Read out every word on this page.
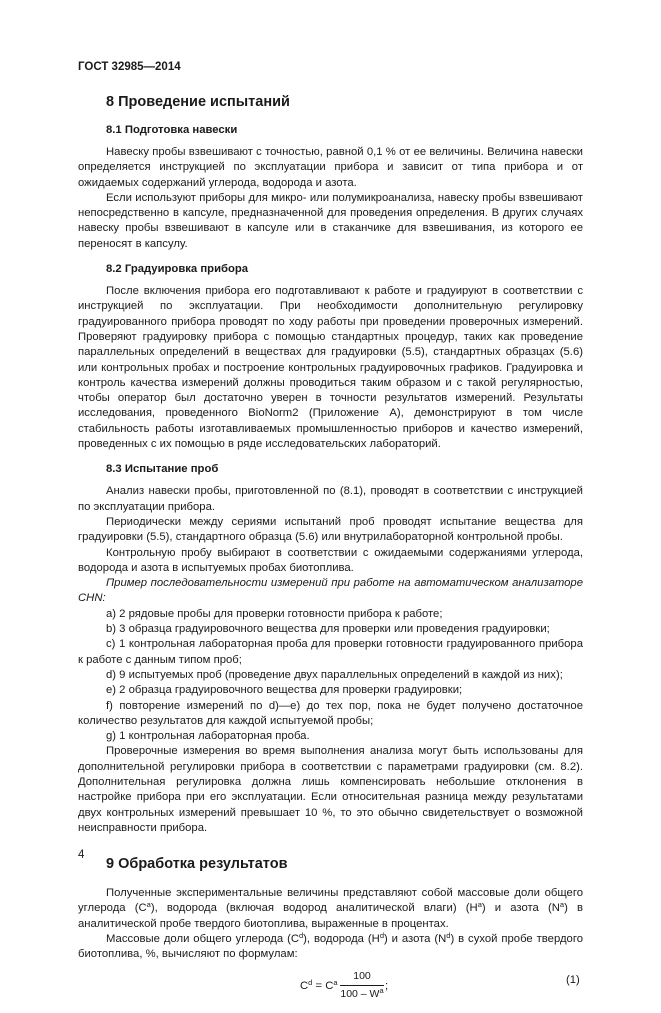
ГОСТ 32985—2014
8 Проведение испытаний
8.1 Подготовка навески

Навеску пробы взвешивают с точностью, равной 0,1 % от ее величины. Величина навески определяется инструкцией по эксплуатации прибора и зависит от типа прибора и от ожидаемых содержаний углерода, водорода и азота.

Если используют приборы для микро- или полумикроанализа, навеску пробы взвешивают непосредственно в капсуле, предназначенной для проведения определения. В других случаях навеску пробы взвешивают в капсуле или в стаканчике для взвешивания, из которого ее переносят в капсулу.

8.2 Градуировка прибора

После включения прибора его подготавливают к работе и градуируют в соответствии с инструкцией по эксплуатации. При необходимости дополнительную регулировку градуированного прибора проводят по ходу работы при проведении проверочных измерений. Проверяют градуировку прибора с помощью стандартных процедур, таких как проведение параллельных определений в веществах для градуировки (5.5), стандартных образцах (5.6) или контрольных пробах и построение контрольных градуировочных графиков. Градуировка и контроль качества измерений должны проводиться таким образом и с такой регулярностью, чтобы оператор был достаточно уверен в точности результатов измерений. Результаты исследования, проведенного BioNorm2 (Приложение А), демонстрируют в том числе стабильность работы изготавливаемых промышленностью приборов и качество измерений, проведенных с их помощью в ряде исследовательских лабораторий.

8.3 Испытание проб

Анализ навески пробы, приготовленной по (8.1), проводят в соответствии с инструкцией по эксплуатации прибора.

Периодически между сериями испытаний проб проводят испытание вещества для градуировки (5.5), стандартного образца (5.6) или внутрилабораторной контрольной пробы.

Контрольную пробу выбирают в соответствии с ожидаемыми содержаниями углерода, водорода и азота в испытуемых пробах биотоплива.

Пример последовательности измерений при работе на автоматическом анализаторе CHN:

a) 2 рядовые пробы для проверки готовности прибора к работе;

b) 3 образца градуировочного вещества для проверки или проведения градуировки;

c) 1 контрольная лабораторная проба для проверки готовности градуированного прибора к работе с данным типом проб;

d) 9 испытуемых проб (проведение двух параллельных определений в каждой из них);

e) 2 образца градуировочного вещества для проверки градуировки;

f) повторение измерений по d)—e) до тех пор, пока не будет получено достаточное количество результатов для каждой испытуемой пробы;

g) 1 контрольная лабораторная проба.

Проверочные измерения во время выполнения анализа могут быть использованы для дополнительной регулировки прибора в соответствии с параметрами градуировки (см. 8.2). Дополнительная регулировка должна лишь компенсировать небольшие отклонения в настройке прибора при его эксплуатации. Если относительная разница между результатами двух контрольных измерений превышает 10 %, то это обычно свидетельствует о возможной неисправности прибора.

9 Обработка результатов

Полученные экспериментальные величины представляют собой массовые доли общего углерода $(C^a)$, водорода (включая водород аналитической влаги) $(H^a)$ и азота $(N^a)$ в аналитической пробе твердого биотоплива, выраженные в процентах.

Массовые доли общего углерода $(C^d)$, водорода $(H^d)$ и азота $(N^d)$ в сухой пробе твердого биотоплива, %, вычисляют по формулам:

$C^d = C^a \frac{100}{100 - W^a}$ ;	(1)
4
